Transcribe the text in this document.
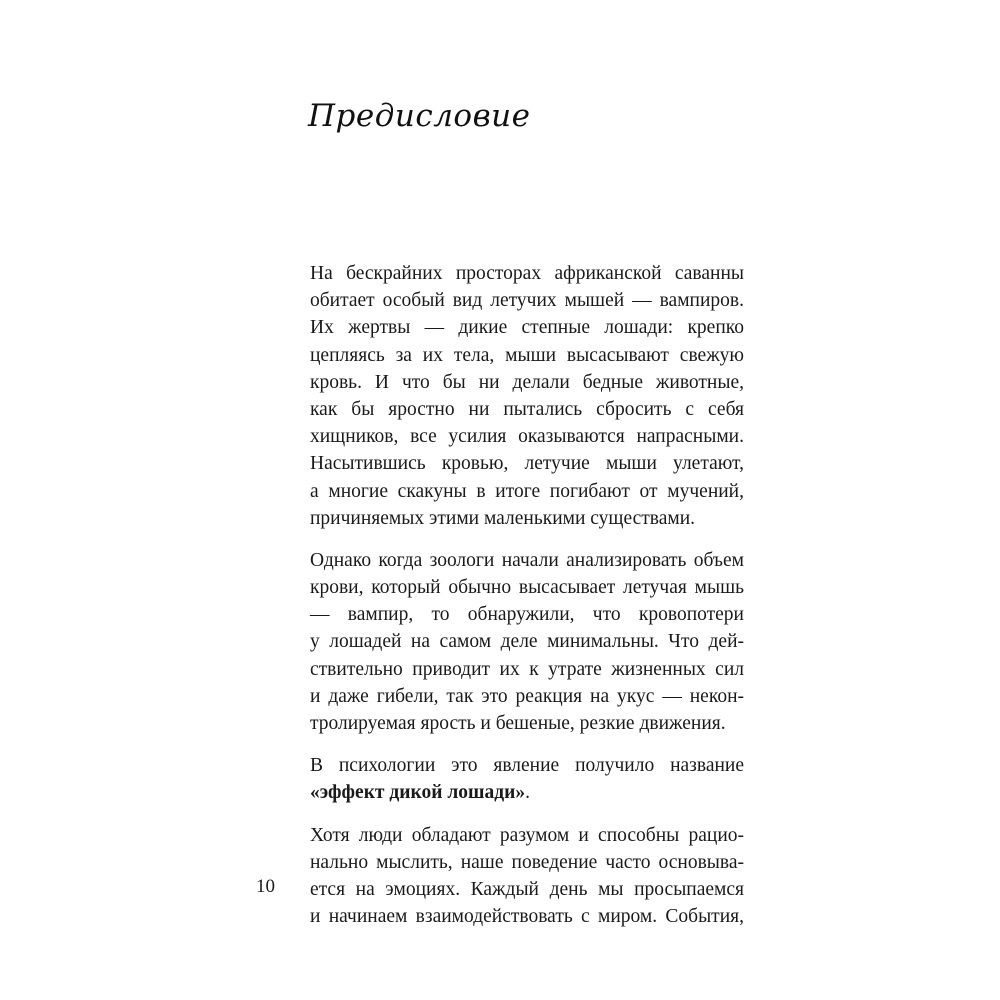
Предисловие
На бескрайних просторах африканской саванны
обитает особый вид летучих мышей — вампиров.
Их жертвы — дикие степные лошади: крепко
цепляясь за их тела, мыши высасывают свежую
кровь. И что бы ни делали бедные животные,
как бы яростно ни пытались сбросить с себя
хищников, все усилия оказываются напрасными.
Насытившись кровью, летучие мыши улетают,
а многие скакуны в итоге погибают от мучений,
причиняемых этими маленькими существами.
Однако когда зоологи начали анализировать объем
крови, который обычно высасывает летучая мышь
— вампир, то обнаружили, что кровопотери
у лошадей на самом деле минимальны. Что дей-
ствительно приводит их к утрате жизненных сил
и даже гибели, так это реакция на укус — некон-
тролируемая ярость и бешеные, резкие движения.
В психологии это явление получило название
«эффект дикой лошади».
Хотя люди обладают разумом и способны рацио-
нально мыслить, наше поведение часто основыва-
ется на эмоциях. Каждый день мы просыпаемся
и начинаем взаимодействовать с миром. События,
10
